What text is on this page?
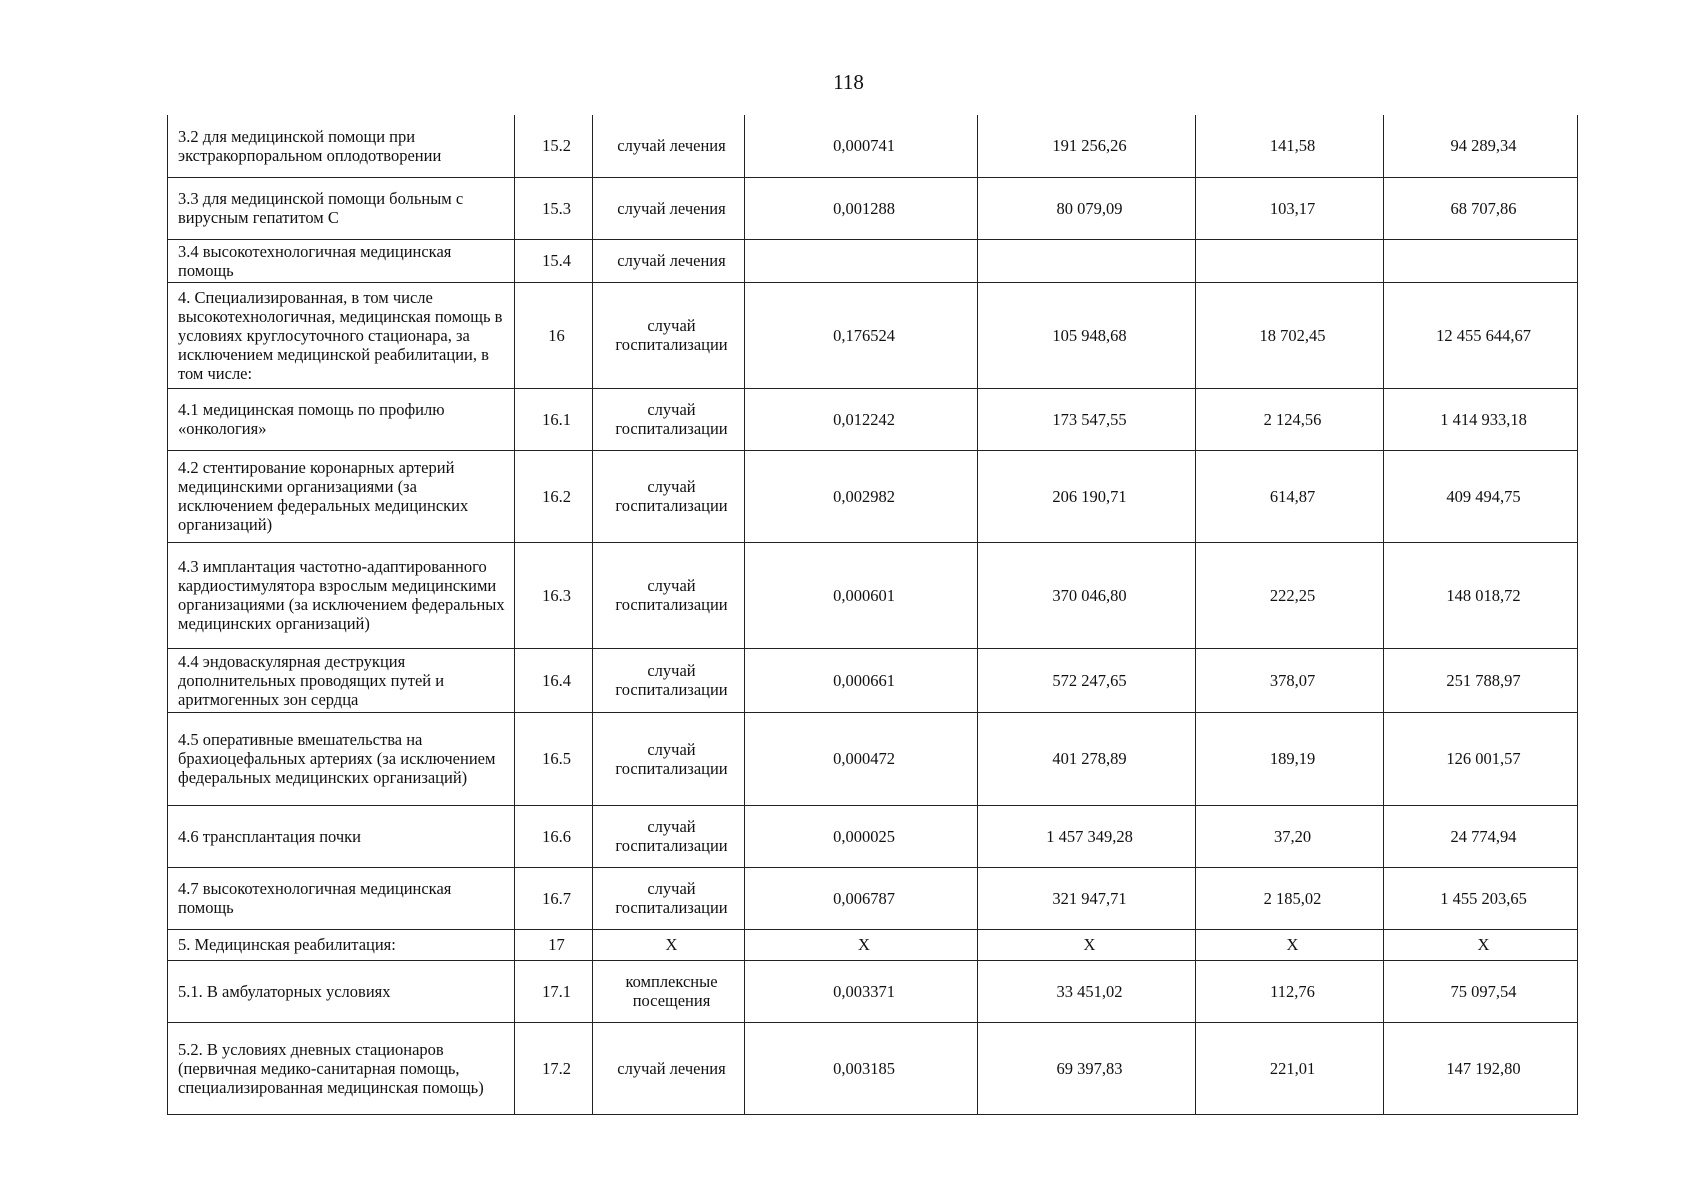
118
3.2 для медицинской помощи при экстракорпоральном оплодотворении	15.2	случай лечения	0,000741	191 256,26	141,58	94 289,34
3.3 для медицинской помощи больным с вирусным гепатитом С	15.3	случай лечения	0,001288	80 079,09	103,17	68 707,86
3.4 высокотехнологичная медицинская помощь	15.4	случай лечения				
4. Специализированная, в том числе высокотехнологичная, медицинская помощь в условиях круглосуточного стационара, за исключением медицинской реабилитации, в том числе:	16	случай госпитализации	0,176524	105 948,68	18 702,45	12 455 644,67
4.1 медицинская помощь по профилю «онкология»	16.1	случай госпитализации	0,012242	173 547,55	2 124,56	1 414 933,18
4.2 стентирование коронарных артерий медицинскими организациями (за исключением федеральных медицинских организаций)	16.2	случай госпитализации	0,002982	206 190,71	614,87	409 494,75
4.3 имплантация частотно-адаптированного кардиостимулятора взрослым медицинскими организациями (за исключением федеральных медицинских организаций)	16.3	случай госпитализации	0,000601	370 046,80	222,25	148 018,72
4.4 эндоваскулярная деструкция дополнительных проводящих путей и аритмогенных зон сердца	16.4	случай госпитализации	0,000661	572 247,65	378,07	251 788,97
4.5 оперативные вмешательства на брахиоцефальных артериях (за исключением федеральных медицинских организаций)	16.5	случай госпитализации	0,000472	401 278,89	189,19	126 001,57
4.6 трансплантация почки	16.6	случай госпитализации	0,000025	1 457 349,28	37,20	24 774,94
4.7 высокотехнологичная медицинская помощь	16.7	случай госпитализации	0,006787	321 947,71	2 185,02	1 455 203,65
5. Медицинская реабилитация:	17	Х	Х	Х	Х	Х
5.1. В амбулаторных условиях	17.1	комплексные посещения	0,003371	33 451,02	112,76	75 097,54
5.2. В условиях дневных стационаров (первичная медико-санитарная помощь, специализированная медицинская помощь)	17.2	случай лечения	0,003185	69 397,83	221,01	147 192,80
